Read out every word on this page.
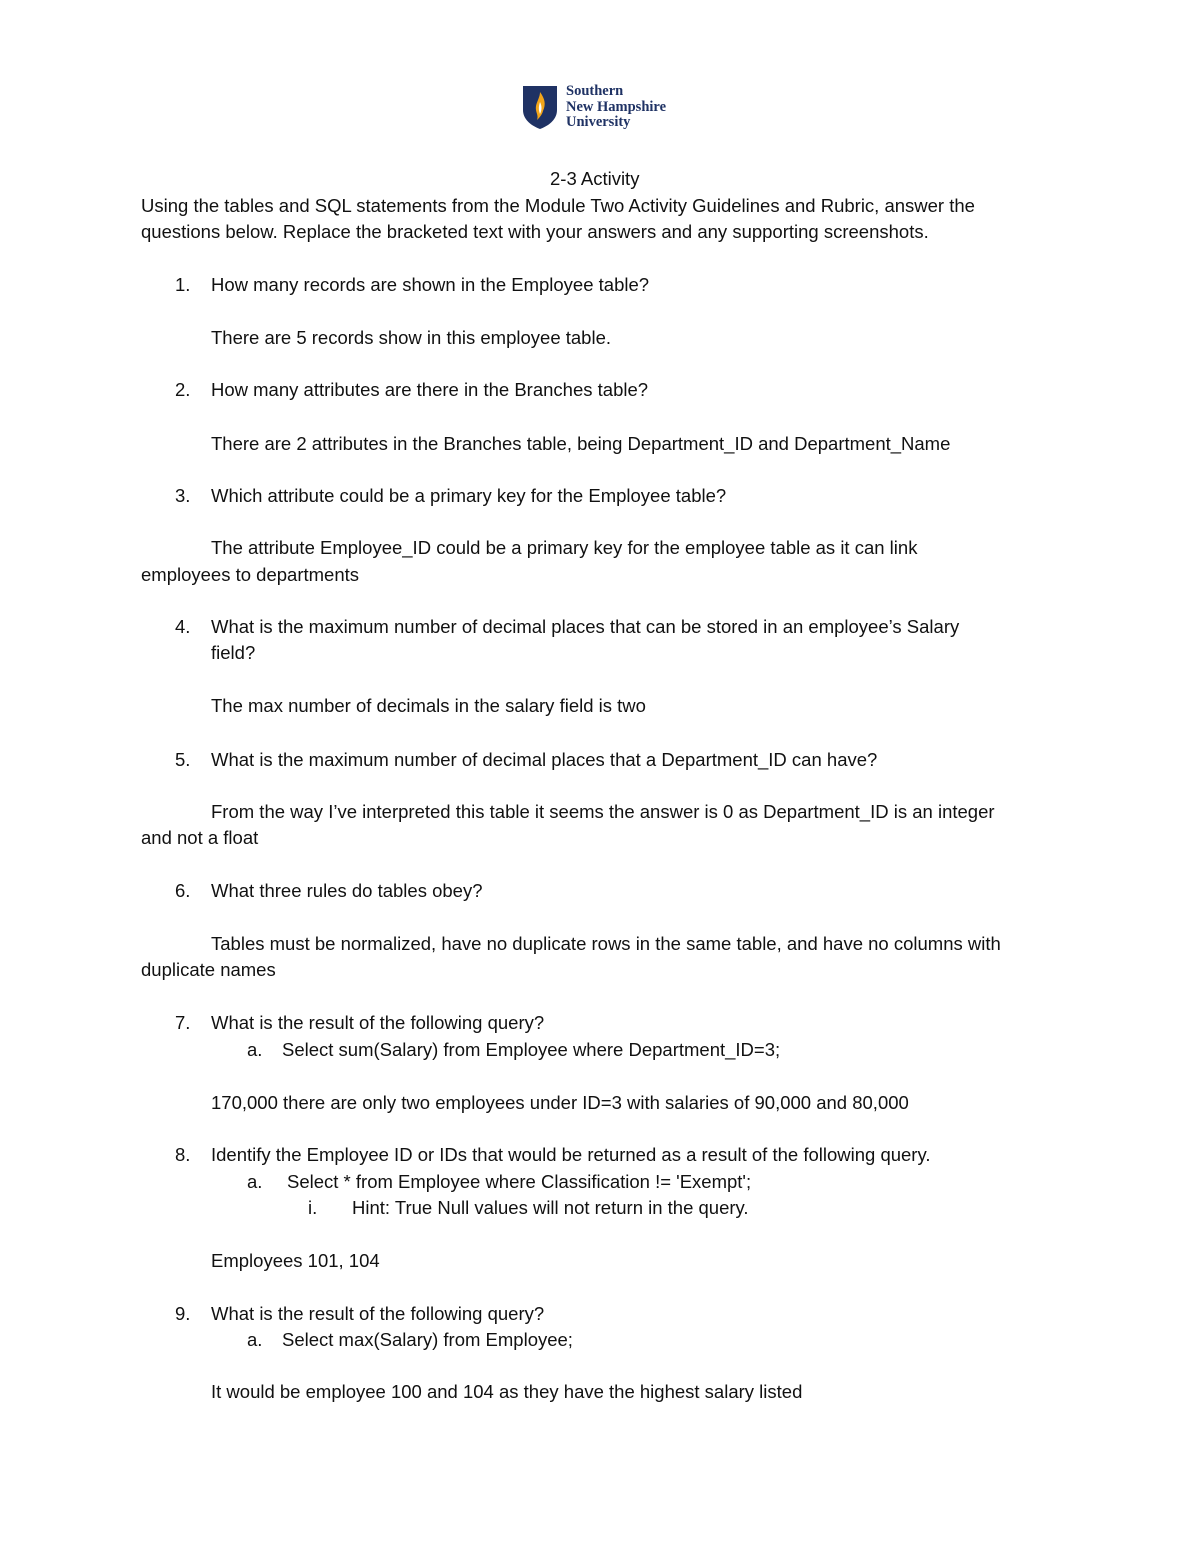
Southern
New Hampshire
University
2-3 Activity
Using the tables and SQL statements from the Module Two Activity Guidelines and Rubric, answer the
questions below. Replace the bracketed text with your answers and any supporting screenshots.
1. How many records are shown in the Employee table?
There are 5 records show in this employee table.
2. How many attributes are there in the Branches table?
There are 2 attributes in the Branches table, being Department_ID and Department_Name
3. Which attribute could be a primary key for the Employee table?
The attribute Employee_ID could be a primary key for the employee table as it can link
employees to departments
4. What is the maximum number of decimal places that can be stored in an employee’s Salary
field?
The max number of decimals in the salary field is two
5. What is the maximum number of decimal places that a Department_ID can have?
From the way I’ve interpreted this table it seems the answer is 0 as Department_ID is an integer
and not a float
6. What three rules do tables obey?
Tables must be normalized, have no duplicate rows in the same table, and have no columns with
duplicate names
7. What is the result of the following query?
a. Select sum(Salary) from Employee where Department_ID=3;
170,000 there are only two employees under ID=3 with salaries of 90,000 and 80,000
8. Identify the Employee ID or IDs that would be returned as a result of the following query.
a. Select * from Employee where Classification != 'Exempt';
i. Hint: True Null values will not return in the query.
Employees 101, 104
9. What is the result of the following query?
a. Select max(Salary) from Employee;
It would be employee 100 and 104 as they have the highest salary listed
